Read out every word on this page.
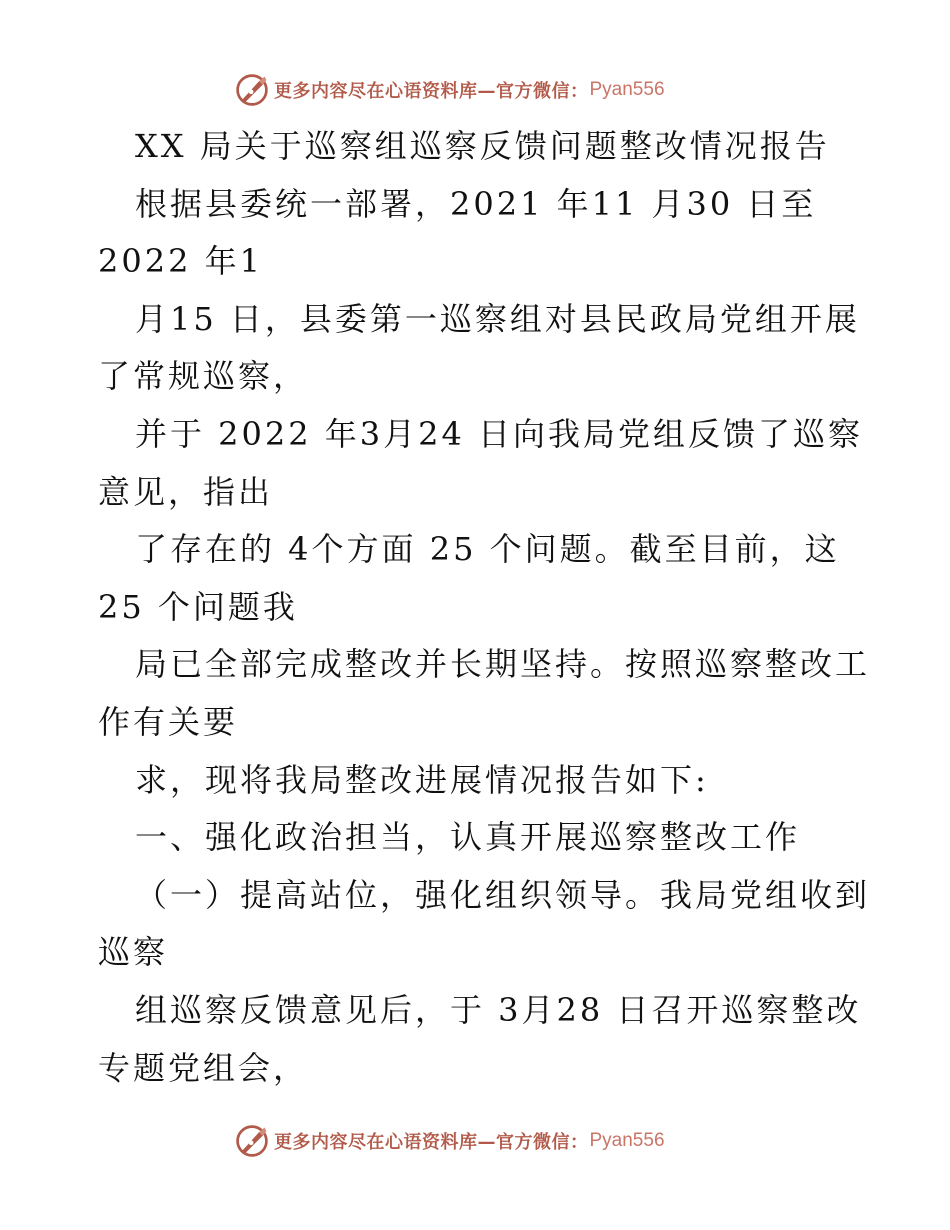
更多内容尽在心语资料库—官方微信： Pyan556
XX 局关于巡察组巡察反馈问题整改情况报告
根据县委统一部署，2021 年11 月30 日至
2022 年1
月15 日，县委第一巡察组对县民政局党组开展
了常规巡察，
并于 2022 年3月24 日向我局党组反馈了巡察
意见，指出
了存在的 4个方面 25 个问题。截至目前，这
25 个问题我
局已全部完成整改并长期坚持。按照巡察整改工
作有关要
求，现将我局整改进展情况报告如下:
一、强化政治担当，认真开展巡察整改工作
（一）提高站位，强化组织领导。我局党组收到
巡察
组巡察反馈意见后，于 3月28 日召开巡察整改
专题党组会，
更多内容尽在心语资料库—官方微信： Pyan556
